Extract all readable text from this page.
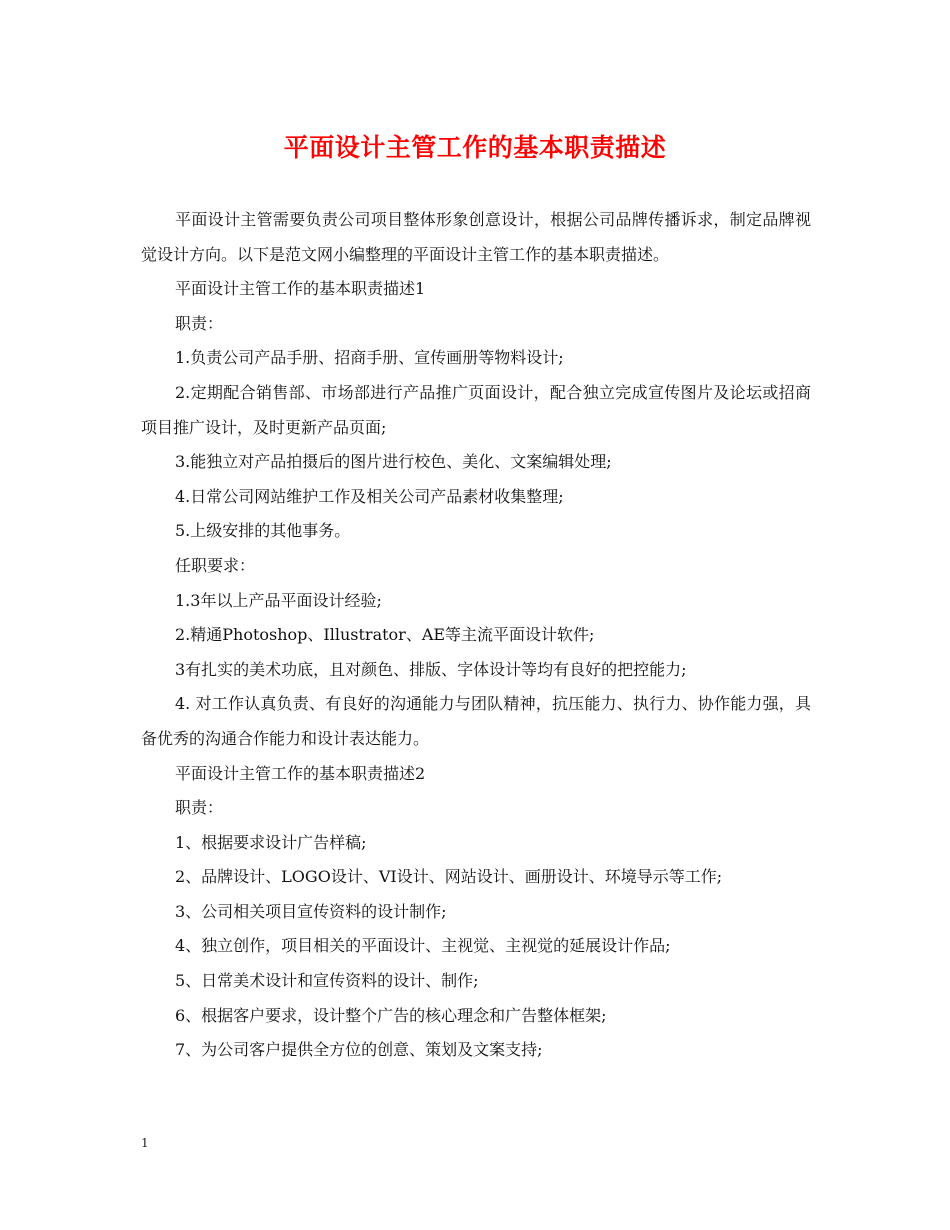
平面设计主管工作的基本职责描述

平面设计主管需要负责公司项目整体形象创意设计，根据公司品牌传播诉求，制定品牌视觉设计方向。以下是范文网小编整理的平面设计主管工作的基本职责描述。

平面设计主管工作的基本职责描述1

职责：

1.负责公司产品手册、招商手册、宣传画册等物料设计;

2.定期配合销售部、市场部进行产品推广页面设计，配合独立完成宣传图片及论坛或招商项目推广设计，及时更新产品页面;

3.能独立对产品拍摄后的图片进行校色、美化、文案编辑处理;

4.日常公司网站维护工作及相关公司产品素材收集整理;

5.上级安排的其他事务。

任职要求：

1.3年以上产品平面设计经验;

2.精通Photoshop、Illustrator、AE等主流平面设计软件;

3有扎实的美术功底，且对颜色、排版、字体设计等均有良好的把控能力;

4. 对工作认真负责、有良好的沟通能力与团队精神，抗压能力、执行力、协作能力强，具备优秀的沟通合作能力和设计表达能力。

平面设计主管工作的基本职责描述2

职责：

1、根据要求设计广告样稿;

2、品牌设计、LOGO设计、VI设计、网站设计、画册设计、环境导示等工作;

3、公司相关项目宣传资料的设计制作;

4、独立创作，项目相关的平面设计、主视觉、主视觉的延展设计作品;

5、日常美术设计和宣传资料的设计、制作;

6、根据客户要求，设计整个广告的核心理念和广告整体框架;

7、为公司客户提供全方位的创意、策划及文案支持;

1
